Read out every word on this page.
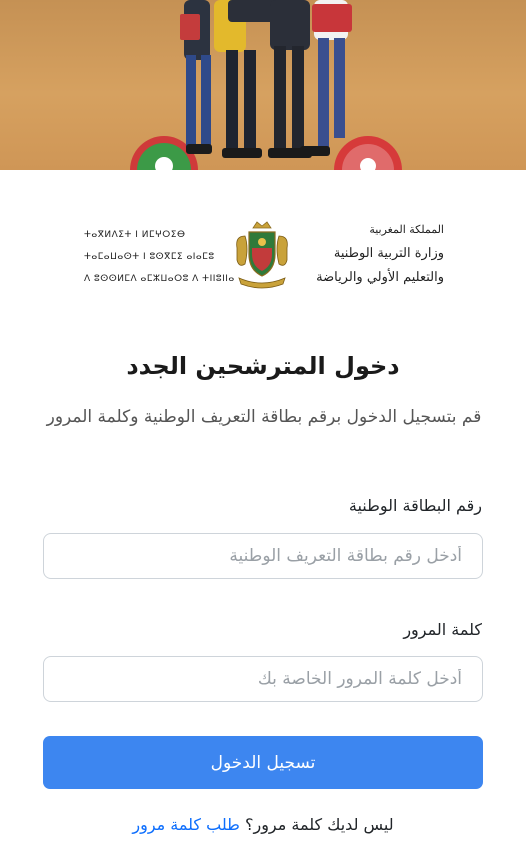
ⵜⴰⴳⵍⴷⵉⵜ ⵏ ⵍⵎⵖⵔⵉⴱ
ⵜⴰⵎⴰⵡⴰⵙⵜ ⵏ ⵓⵙⴳⵎⵉ ⴰⵏⴰⵎⵓ
ⴷ ⵓⵙⵙⵍⵎⴷ ⴰⵎⵣⵡⴰⵔⵓ ⴷ ⵜⵏⵏⵓⵏⵏⴰ
المملكة المغربية
وزارة التربية الوطنية
والتعليم الأولي والرياضة
دخول المترشحين الجدد

قم بتسجيل الدخول برقم بطاقة التعريف الوطنية وكلمة المرور

رقم البطاقة الوطنية
أدخل رقم بطاقة التعريف الوطنية
كلمة المرور
تسجيل الدخول
ليس لديك كلمة مرور؟ طلب كلمة مرور
